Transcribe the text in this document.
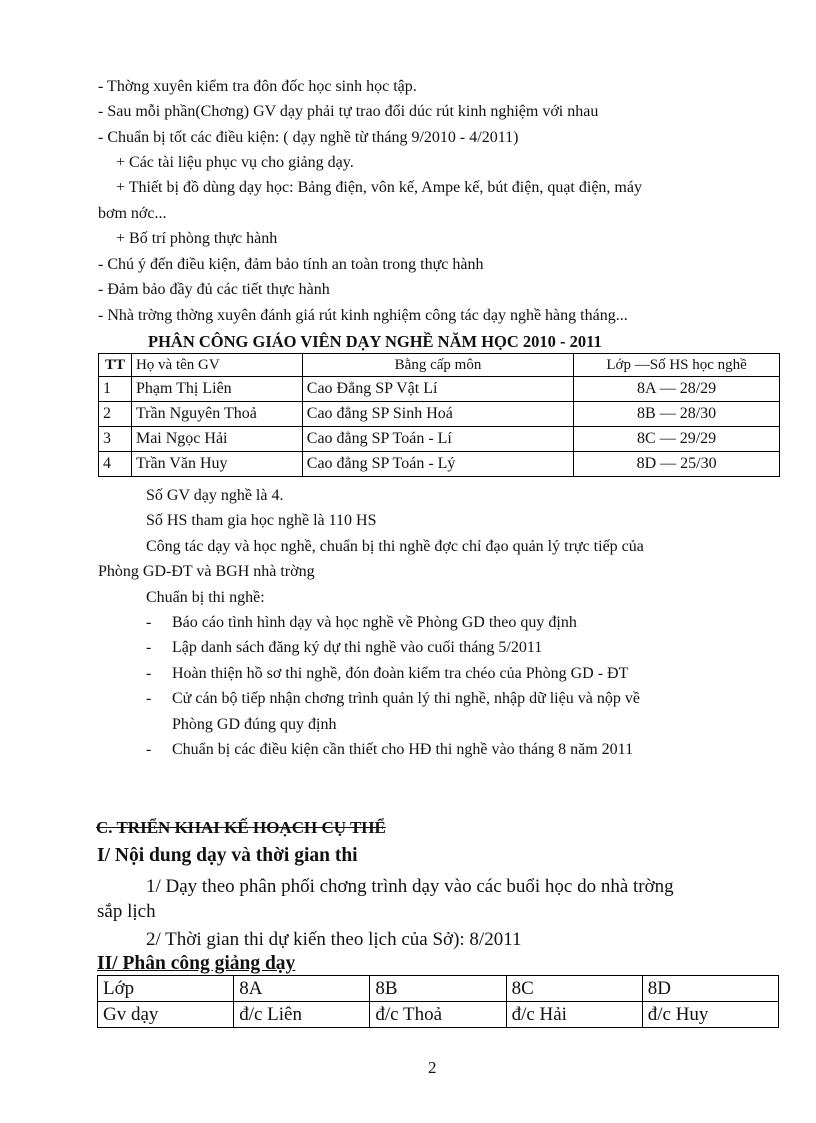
- Thờng xuyên kiểm tra đôn đốc học sinh học tập.
- Sau mỗi phần(Chơng) GV dạy phải tự trao đổi dúc rút kinh nghiệm với nhau
- Chuẩn bị tốt các điều kiện: ( dạy nghề từ tháng 9/2010 - 4/2011)
+ Các tài liệu phục vụ cho giảng dạy.
+ Thiết bị đồ dùng dạy học: Bảng điện, vôn kế, Ampe kế, bút điện, quạt điện, máy
bơm nớc...
+ Bố trí phòng thực hành
- Chú ý đến điều kiện, đảm bảo tính an toàn trong thực hành
- Đảm bảo đầy đủ các tiết thực hành
- Nhà trờng thờng xuyên đánh giá rút kinh nghiệm công tác dạy nghề hàng tháng...
PHÂN CÔNG GIÁO VIÊN DẠY NGHỀ NĂM HỌC 2010 - 2011
TT	Họ và tên GV	Bằng cấp môn	Lớp —Số HS học nghề
1	Phạm Thị Liên	Cao Đẳng SP Vật Lí	8A — 28/29
2	Trần Nguyên Thoả	Cao đẳng SP Sinh Hoá	8B — 28/30
3	Mai Ngọc Hải	Cao đẳng SP Toán - Lí	8C — 29/29
4	Trần Văn Huy	Cao đẳng SP Toán - Lý	8D — 25/30
Số GV dạy nghề là 4.
Số HS tham gia học nghề là 110 HS
Công tác dạy và học nghề, chuẩn bị thi nghề đợc chỉ đạo quản lý trực tiếp của
Phòng GD-ĐT và BGH nhà trờng
Chuẩn bị thi nghề:
- Báo cáo tình hình dạy và học nghề về Phòng GD theo quy định
- Lập danh sách đăng ký dự thi nghề vào cuối tháng 5/2011
- Hoàn thiện hồ sơ thi nghề, đón đoàn kiểm tra chéo của Phòng GD - ĐT
- Cử cán bộ tiếp nhận chơng trình quản lý thi nghề, nhập dữ liệu và nộp về
Phòng GD đúng quy định
- Chuẩn bị các điều kiện cần thiết cho HĐ thi nghề vào tháng 8 năm 2011
C. TRIỂN KHAI KẾ HOẠCH CỤ THỂ
I/ Nội dung dạy và thời gian thi
1/ Dạy theo phân phối chơng trình dạy vào các buổi học do nhà trờng
sắp lịch
2/ Thời gian thi dự kiến theo lịch của Sở): 8/2011
II/ Phân công giảng dạy
Lớp	8A	8B	8C	8D
Gv dạy	đ/c Liên	đ/c Thoả	đ/c Hải	đ/c Huy
2
